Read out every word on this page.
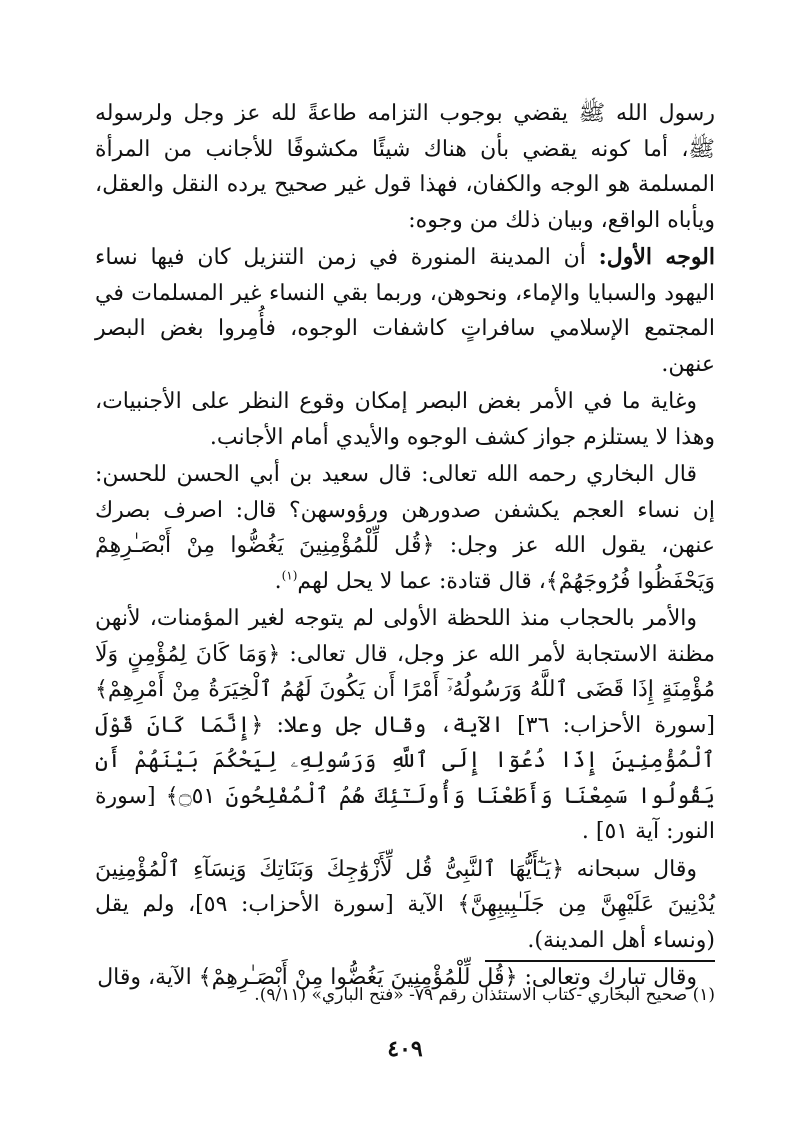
رسول الله ﷺ يقضي بوجوب التزامه طاعةً لله عز وجل ولرسوله ﷺ، أما كونه يقضي بأن هناك شيئًا مكشوفًا للأجانب من المرأة المسلمة هو الوجه والكفان، فهذا قول غير صحيح يرده النقل والعقل، ويأباه الواقع، وبيان ذلك من وجوه:

الوجه الأول: أن المدينة المنورة في زمن التنزيل كان فيها نساء اليهود والسبايا والإماء، ونحوهن، وربما بقي النساء غير المسلمات في المجتمع الإسلامي سافراتٍ كاشفات الوجوه، فأُمِروا بغض البصر عنهن.

وغاية ما في الأمر بغض البصر إمكان وقوع النظر على الأجنبيات، وهذا لا يستلزم جواز كشف الوجوه والأيدي أمام الأجانب.

قال البخاري رحمه الله تعالى: قال سعيد بن أبي الحسن للحسن: إن نساء العجم يكشفن صدورهن ورؤوسهن؟ قال: اصرف بصرك عنهن، يقول الله عز وجل: ﴿قُل لِّلْمُؤْمِنِينَ يَغُضُّوا مِنْ أَبْصَـٰرِهِمْ وَيَحْفَظُوا فُرُوجَهُمْ﴾، قال قتادة: عما لا يحل لهم$^{(١)}$.

والأمر بالحجاب منذ اللحظة الأولى لم يتوجه لغير المؤمنات، لأنهن مظنة الاستجابة لأمر الله عز وجل، قال تعالى: ﴿وَمَا كَانَ لِمُؤْمِنٍ وَلَا مُؤْمِنَةٍ إِذَا قَضَى ٱللَّهُ وَرَسُولُهُۥٓ أَمْرًا أَن يَكُونَ لَهُمُ ٱلْخِيَرَةُ مِنْ أَمْرِهِمْ﴾ [سورة الأحزاب: ٣٦] الآية، وقال جل وعلا: ﴿إِنَّمَا كَانَ قَوْلَ ٱلْمُؤْمِنِينَ إِذَا دُعُوٓا إِلَى ٱللَّهِ وَرَسُولِهِۦ لِيَحْكُمَ بَيْنَهُمْ أَن يَقُولُوا سَمِعْنَا وَأَطَعْنَا وَأُولَـٰٓئِكَ هُمُ ٱلْمُفْلِحُونَ ۝٥١﴾ [سورة النور: آية ٥١] .

وقال سبحانه ﴿يَـٰٓأَيُّهَا ٱلنَّبِىُّ قُل لِّأَزْوَٰجِكَ وَبَنَاتِكَ وَنِسَآءِ ٱلْمُؤْمِنِينَ يُدْنِينَ عَلَيْهِنَّ مِن جَلَـٰبِيبِهِنَّ﴾ الآية [سورة الأحزاب: ٥٩]، ولم يقل (ونساء أهل المدينة).

وقال تبارك وتعالى: ﴿قُل لِّلْمُؤْمِنِينَ يَغُضُّوا مِنْ أَبْصَـٰرِهِمْ﴾ الآية، وقال

(١) صحيح البخاري -كتاب الاستئذان رقم ٧٩- «فتح الباري» (٩/١١).
٤٠٩
